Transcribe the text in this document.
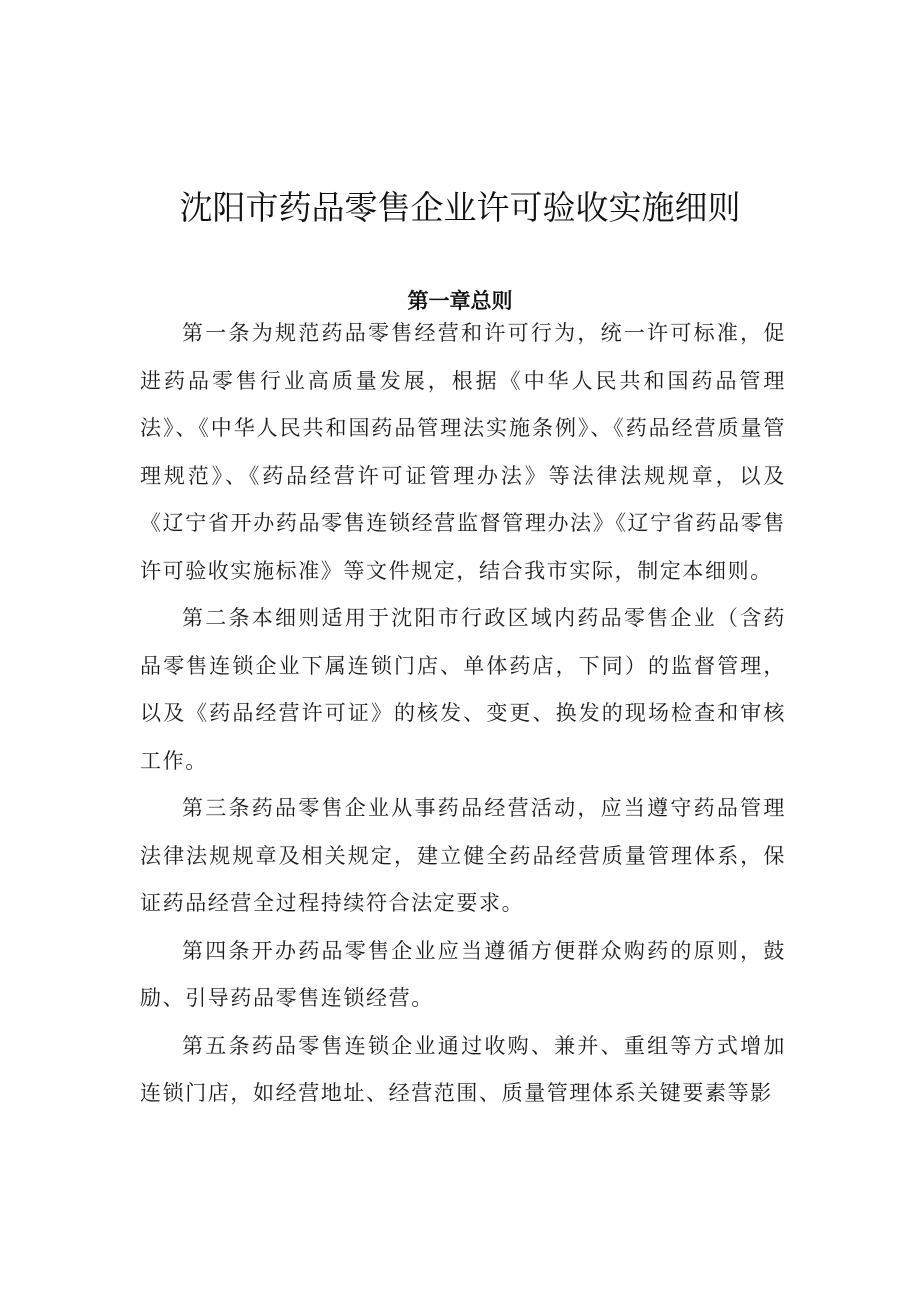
沈阳市药品零售企业许可验收实施细则
第一章总则

第一条为规范药品零售经营和许可行为，统一许可标准，促进药品零售行业高质量发展，根据《中华人民共和国药品管理法》、《中华人民共和国药品管理法实施条例》、《药品经营质量管理规范》、《药品经营许可证管理办法》等法律法规规章，以及《辽宁省开办药品零售连锁经营监督管理办法》《辽宁省药品零售许可验收实施标准》等文件规定，结合我市实际，制定本细则。

第二条本细则适用于沈阳市行政区域内药品零售企业（含药品零售连锁企业下属连锁门店、单体药店，下同）的监督管理，以及《药品经营许可证》的核发、变更、换发的现场检查和审核工作。

第三条药品零售企业从事药品经营活动，应当遵守药品管理法律法规规章及相关规定，建立健全药品经营质量管理体系，保证药品经营全过程持续符合法定要求。

第四条开办药品零售企业应当遵循方便群众购药的原则，鼓励、引导药品零售连锁经营。

第五条药品零售连锁企业通过收购、兼并、重组等方式增加连锁门店，如经营地址、经营范围、质量管理体系关键要素等影
